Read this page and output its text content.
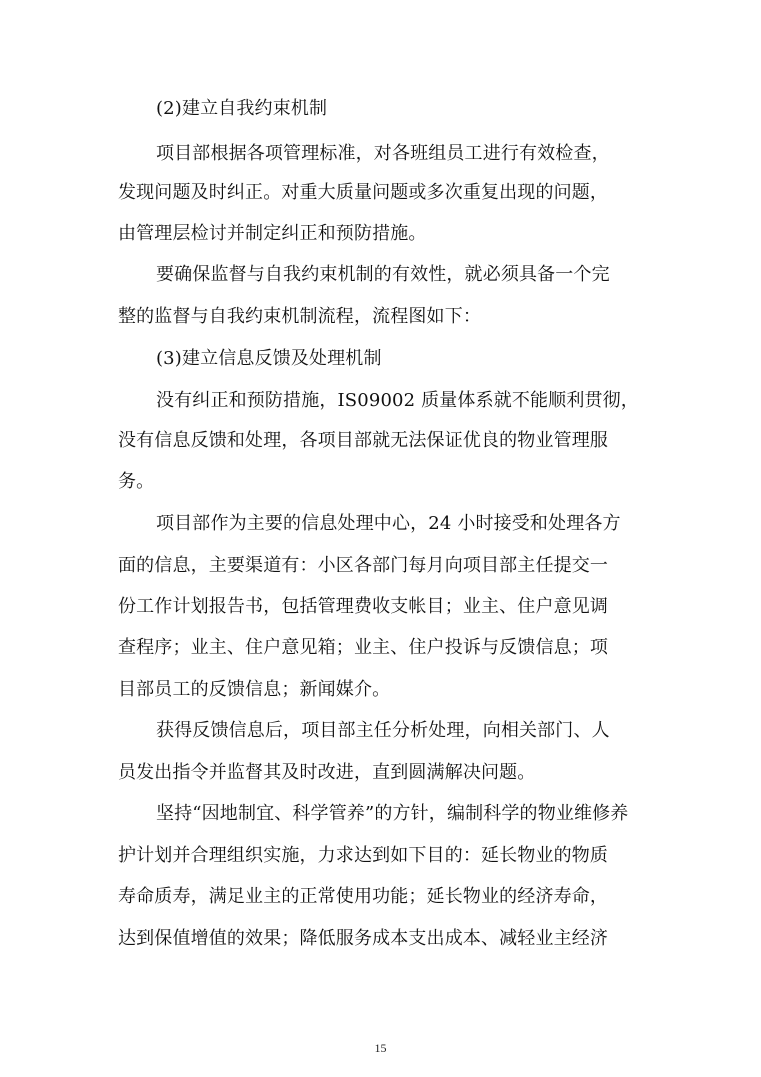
(2)建立自我约束机制
项目部根据各项管理标准，对各班组员工进行有效检查，
发现问题及时纠正。对重大质量问题或多次重复出现的问题，
由管理层检讨并制定纠正和预防措施。
要确保监督与自我约束机制的有效性，就必须具备一个完
整的监督与自我约束机制流程，流程图如下：
(3)建立信息反馈及处理机制
没有纠正和预防措施，IS09002 质量体系就不能顺利贯彻，
没有信息反馈和处理，各项目部就无法保证优良的物业管理服
务。
项目部作为主要的信息处理中心，24 小时接受和处理各方
面的信息，主要渠道有：小区各部门每月向项目部主任提交一
份工作计划报告书，包括管理费收支帐目；业主、住户意见调
查程序；业主、住户意见箱；业主、住户投诉与反馈信息；项
目部员工的反馈信息；新闻媒介。
获得反馈信息后，项目部主任分析处理，向相关部门、人
员发出指令并监督其及时改进，直到圆满解决问题。
坚持“因地制宜、科学管养”的方针，编制科学的物业维修养
护计划并合理组织实施，力求达到如下目的：延长物业的物质
寿命质寿，满足业主的正常使用功能；延长物业的经济寿命，
达到保值增值的效果；降低服务成本支出成本、减轻业主经济
15
